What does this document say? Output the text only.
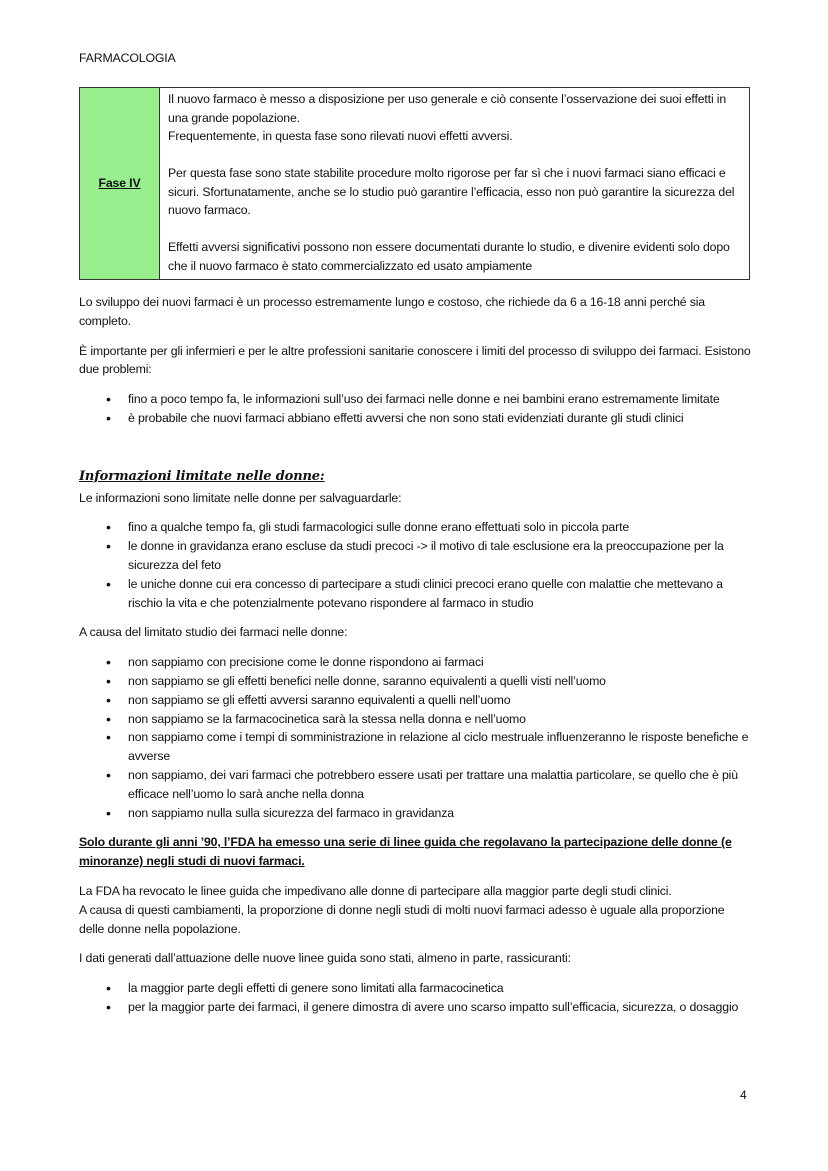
FARMACOLOGIA
Fase IV	

Il nuovo farmaco è messo a disposizione per uso generale e ciò consente l’osservazione dei suoi effetti in una grande popolazione.
Frequentemente, in questa fase sono rilevati nuovi effetti avversi.

Per questa fase sono state stabilite procedure molto rigorose per far sì che i nuovi farmaci siano efficaci e sicuri. Sfortunatamente, anche se lo studio può garantire l’efficacia, esso non può garantire la sicurezza del nuovo farmaco.

Effetti avversi significativi possono non essere documentati durante lo studio, e divenire evidenti solo dopo che il nuovo farmaco è stato commercializzato ed usato ampiamente

Lo sviluppo dei nuovi farmaci è un processo estremamente lungo e costoso, che richiede da 6 a 16-18 anni perché sia completo.

È importante per gli infermieri e per le altre professioni sanitarie conoscere i limiti del processo di sviluppo dei farmaci. Esistono due problemi:

• fino a poco tempo fa, le informazioni sull’uso dei farmaci nelle donne e nei bambini erano estremamente limitate
• è probabile che nuovi farmaci abbiano effetti avversi che non sono stati evidenziati durante gli studi clinici

Informazioni limitate nelle donne:

Le informazioni sono limitate nelle donne per salvaguardarle:

• fino a qualche tempo fa, gli studi farmacologici sulle donne erano effettuati solo in piccola parte
• le donne in gravidanza erano escluse da studi precoci -> il motivo di tale esclusione era la preoccupazione per la sicurezza del feto
• le uniche donne cui era concesso di partecipare a studi clinici precoci erano quelle con malattie che mettevano a rischio la vita e che potenzialmente potevano rispondere al farmaco in studio

A causa del limitato studio dei farmaci nelle donne:

• non sappiamo con precisione come le donne rispondono ai farmaci
• non sappiamo se gli effetti benefici nelle donne, saranno equivalenti a quelli visti nell’uomo
• non sappiamo se gli effetti avversi saranno equivalenti a quelli nell’uomo
• non sappiamo se la farmacocinetica sarà la stessa nella donna e nell’uomo
• non sappiamo come i tempi di somministrazione in relazione al ciclo mestruale influenzeranno le risposte benefiche e avverse
• non sappiamo, dei vari farmaci che potrebbero essere usati per trattare una malattia particolare, se quello che è più efficace nell’uomo lo sarà anche nella donna
• non sappiamo nulla sulla sicurezza del farmaco in gravidanza

Solo durante gli anni ’90, l’FDA ha emesso una serie di linee guida che regolavano la partecipazione delle donne (e minoranze) negli studi di nuovi farmaci.

La FDA ha revocato le linee guida che impedivano alle donne di partecipare alla maggior parte degli studi clinici.
A causa di questi cambiamenti, la proporzione di donne negli studi di molti nuovi farmaci adesso è uguale alla proporzione delle donne nella popolazione.

I dati generati dall’attuazione delle nuove linee guida sono stati, almeno in parte, rassicuranti:

• la maggior parte degli effetti di genere sono limitati alla farmacocinetica
• per la maggior parte dei farmaci, il genere dimostra di avere uno scarso impatto sull’efficacia, sicurezza, o dosaggio
4
